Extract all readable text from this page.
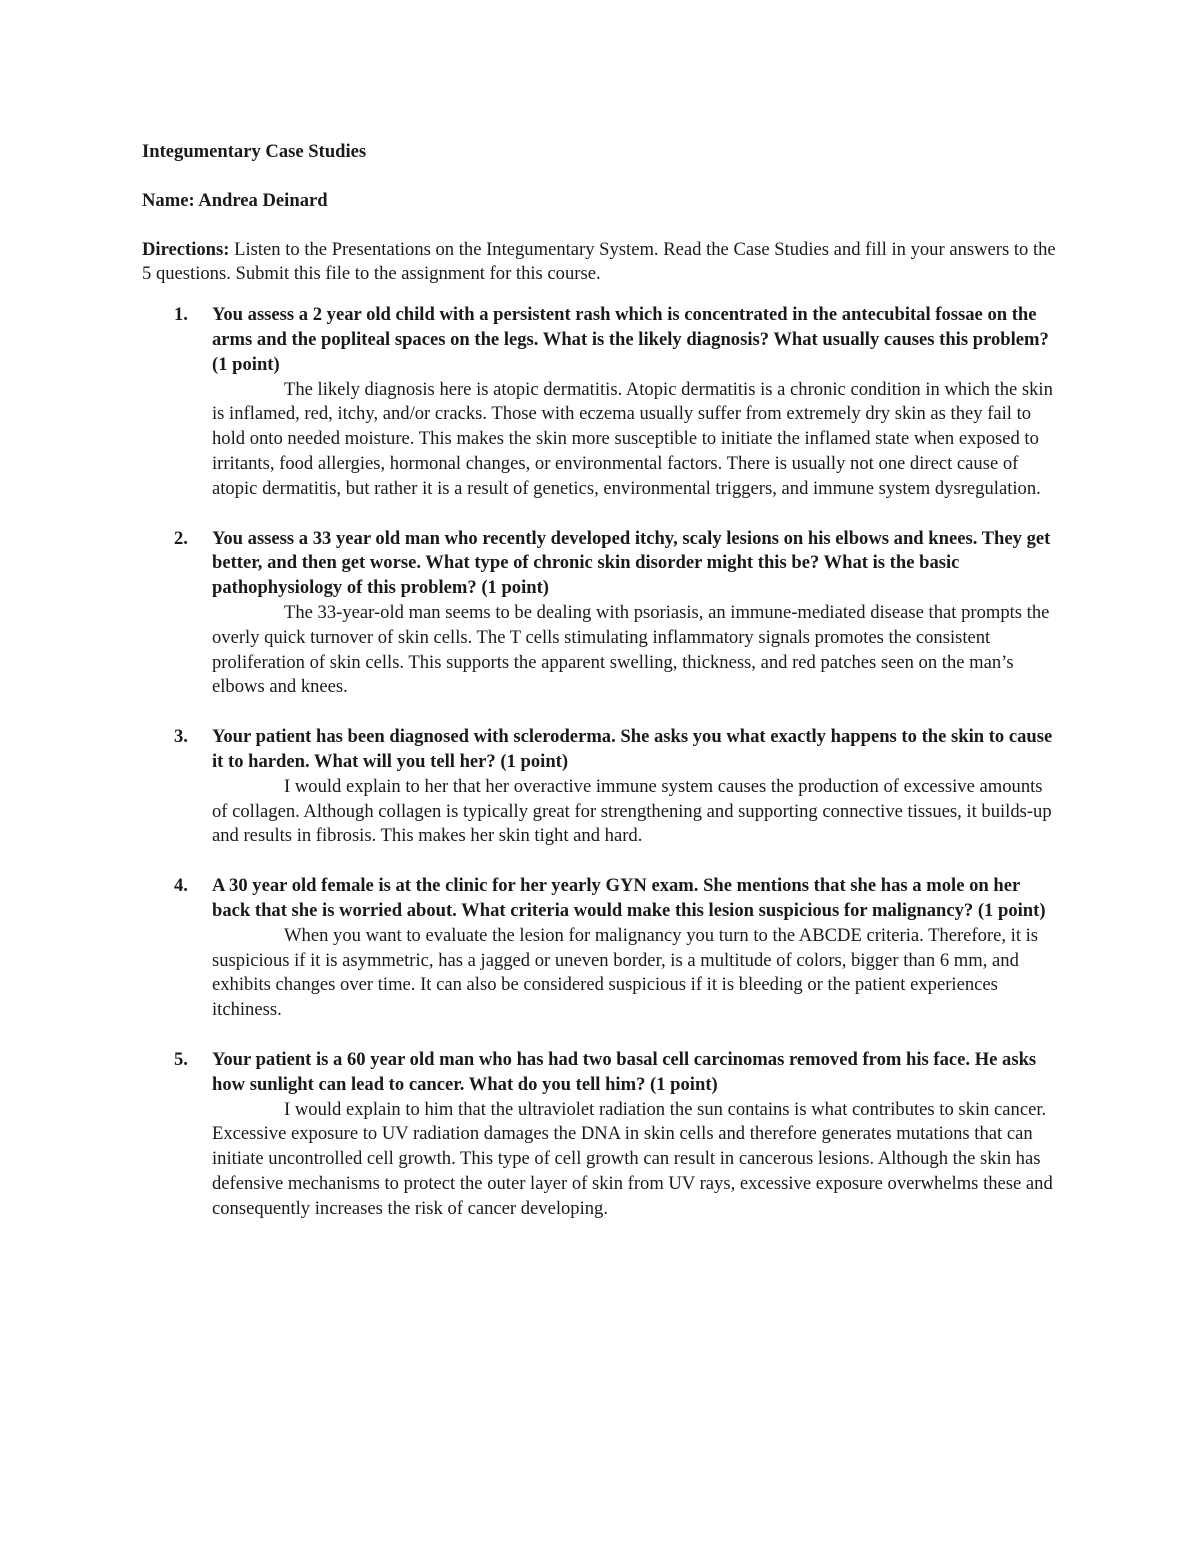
Integumentary Case Studies

Name: Andrea Deinard

Directions: Listen to the Presentations on the Integumentary System. Read the Case Studies and fill in your answers to the 5 questions. Submit this file to the assignment for this course.

1. You assess a 2 year old child with a persistent rash which is concentrated in the antecubital fossae on the arms and the popliteal spaces on the legs. What is the likely diagnosis? What usually causes this problem? (1 point)

The likely diagnosis here is atopic dermatitis. Atopic dermatitis is a chronic condition in which the skin is inflamed, red, itchy, and/or cracks. Those with eczema usually suffer from extremely dry skin as they fail to hold onto needed moisture. This makes the skin more susceptible to initiate the inflamed state when exposed to irritants, food allergies, hormonal changes, or environmental factors. There is usually not one direct cause of atopic dermatitis, but rather it is a result of genetics, environmental triggers, and immune system dysregulation.

2. You assess a 33 year old man who recently developed itchy, scaly lesions on his elbows and knees. They get better, and then get worse. What type of chronic skin disorder might this be? What is the basic pathophysiology of this problem? (1 point)

The 33-year-old man seems to be dealing with psoriasis, an immune-mediated disease that prompts the overly quick turnover of skin cells. The T cells stimulating inflammatory signals promotes the consistent proliferation of skin cells. This supports the apparent swelling, thickness, and red patches seen on the man’s elbows and knees.

3. Your patient has been diagnosed with scleroderma. She asks you what exactly happens to the skin to cause it to harden. What will you tell her? (1 point)

I would explain to her that her overactive immune system causes the production of excessive amounts of collagen. Although collagen is typically great for strengthening and supporting connective tissues, it builds-up and results in fibrosis. This makes her skin tight and hard.

4. A 30 year old female is at the clinic for her yearly GYN exam. She mentions that she has a mole on her back that she is worried about. What criteria would make this lesion suspicious for malignancy? (1 point)

When you want to evaluate the lesion for malignancy you turn to the ABCDE criteria. Therefore, it is suspicious if it is asymmetric, has a jagged or uneven border, is a multitude of colors, bigger than 6 mm, and exhibits changes over time. It can also be considered suspicious if it is bleeding or the patient experiences itchiness.

5. Your patient is a 60 year old man who has had two basal cell carcinomas removed from his face. He asks how sunlight can lead to cancer. What do you tell him? (1 point)

I would explain to him that the ultraviolet radiation the sun contains is what contributes to skin cancer. Excessive exposure to UV radiation damages the DNA in skin cells and therefore generates mutations that can initiate uncontrolled cell growth. This type of cell growth can result in cancerous lesions. Although the skin has defensive mechanisms to protect the outer layer of skin from UV rays, excessive exposure overwhelms these and consequently increases the risk of cancer developing.
